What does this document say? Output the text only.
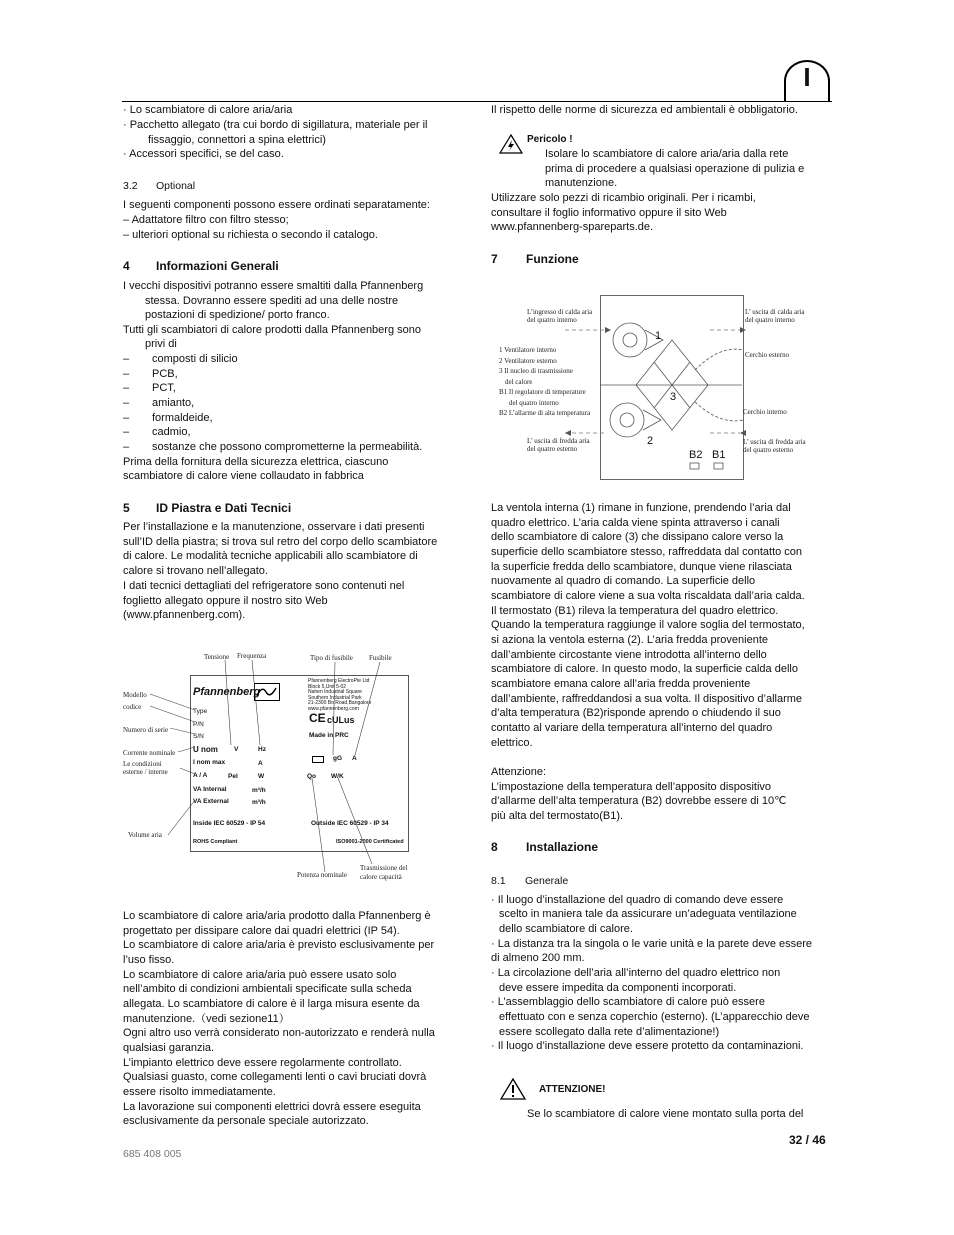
I
· Lo scambiatore di calore aria/aria
· Pacchetto allegato (tra cui bordo di sigillatura, materiale per il
fissaggio, connettori a spina elettrici)
· Accessori specifici, se del caso.
3.2 Optional
I seguenti componenti possono essere ordinati separatamente:
– Adattatore filtro con filtro stesso;
– ulteriori optional su richiesta o secondo il catalogo.
4 Informazioni Generali
I vecchi dispositivi potranno essere smaltiti dalla Pfannenberg
stessa. Dovranno essere spediti ad una delle nostre
postazioni di spedizione/ porto franco.
Tutti gli scambiatori di calore prodotti dalla Pfannenberg sono
privi di
– composti di silicio
– PCB,
– PCT,
– amianto,
– formaldeide,
– cadmio,
– sostanze che possono comprometterne la permeabilità.
Prima della fornitura della sicurezza elettrica, ciascuno
scambiatore di calore viene collaudato in fabbrica
5 ID Piastra e Dati Tecnici
Per l’installazione e la manutenzione, osservare i dati presenti
sull’ID della piastra; si trova sul retro del corpo dello scambiatore
di calore. Le modalità tecniche applicabili allo scambiatore di
calore si trovano nell’allegato.
I dati tecnici dettagliati del refrigeratore sono contenuti nel
foglietto allegato oppure il nostro sito Web
(www.pfannenberg.com).
Tensione Frequenza	Tipo di fusibile Fusibile
Modello
codice
Numero di serie
Corrente nominale
Le condizioni
esterne / interne
Volume aria
Potenza nominale
Trasmissione del
calore capacità
Pfannenberg
Pfannenberg ElectroPte Ltd
Block 5,Unit 5-02
Nahen Industrial Square
Southern Industrial Park
21-2300 Bo Road,Bangalore
www.pfannenberg.com
Type
P/N
S/N
CE cULus
Made in PRC
U nom V	Hz
gG A
I nom max	A
A / A	Pel	W	Qo W/K
VA Internal	m³/h
VA External	m³/h
Inside IEC 60529 - IP 54	Outside IEC 60529 - IP 34
ROHS Compliant	ISO9001-2000 Certificated
Lo scambiatore di calore aria/aria prodotto dalla Pfannenberg è
progettato per dissipare calore dai quadri elettrici (IP 54).
Lo scambiatore di calore aria/aria è previsto esclusivamente per
l’uso fisso.
Lo scambiatore di calore aria/aria può essere usato solo
nell’ambito di condizioni ambientali specificate sulla scheda
allegata. Lo scambiatore di calore è il larga misura esente da
manutenzione.（vedi sezione11）
Ogni altro uso verrà considerato non-autorizzato e renderà nulla
qualsiasi garanzia.
L’impianto elettrico deve essere regolarmente controllato.
Qualsiasi guasto, come collegamenti lenti o cavi bruciati dovrà
essere risolto immediatamente.
La lavorazione sui componenti elettrici dovrà essere eseguita
esclusivamente da personale speciale autorizzato.
Il rispetto delle norme di sicurezza ed ambientali è obbligatorio.
Pericolo !
Isolare lo scambiatore di calore aria/aria dalla rete
prima di procedere a qualsiasi operazione di pulizia e
manutenzione.
Utilizzare solo pezzi di ricambio originali. Per i ricambi,
consultare il foglio informativo oppure il sito Web
www.pfannenberg-spareparts.de.
7 Funzione
L’ingresso di calda aria
del quatro interno
L’ uscita di calda aria
del quatro interno
1 Ventilatore interno
2 Ventilatore esterno
3 Il nucleo di trasmissione
del calore
B1 Il regolatore di temperature
del quatro interno
B2 L’allarme di alta temperatura
Cerchio esterno
Cerchio interno
L’ uscita di fredda aria
del quatro esterno
L’ uscita di fredda aria
del quatro esterno
1
3
2
B2 B1
La ventola interna (1) rimane in funzione, prendendo l’aria dal
quadro elettrico. L’aria calda viene spinta attraverso i canali
dello scambiatore di calore (3) che dissipano calore verso la
superficie dello scambiatore stesso, raffreddata dal contatto con
la superficie fredda dello scambiatore, dunque viene rilasciata
nuovamente al quadro di comando. La superficie dello
scambiatore di calore viene a sua volta riscaldata dall’aria calda.
Il termostato (B1) rileva la temperatura del quadro elettrico.
Quando la temperatura raggiunge il valore soglia del termostato,
si aziona la ventola esterna (2). L’aria fredda proveniente
dall’ambiente circostante viene introdotta all’interno dello
scambiatore di calore. In questo modo, la superficie calda dello
scambiatore emana calore all’aria fredda proveniente
dall’ambiente, raffreddandosi a sua volta. Il dispositivo d’allarme
d’alta temperatura (B2)risponde aprendo o chiudendo il suo
contatto al variare della temperatura all’interno del quadro
elettrico.
Attenzione:
L’impostazione della temperatura dell’apposito dispositivo
d’allarme dell’alta temperatura (B2) dovrebbe essere di 10℃
più alta del termostato(B1).
8 Installazione
8.1 Generale
· Il luogo d’installazione del quadro di comando deve essere
scelto in maniera tale da assicurare un’adeguata ventilazione
dello scambiatore di calore.
· La distanza tra la singola o le varie unità e la parete deve essere
di almeno 200 mm.
· La circolazione dell’aria all’interno del quadro elettrico non
deve essere impedita da componenti incorporati.
· L’assemblaggio dello scambiatore di calore può essere
effettuato con e senza coperchio (esterno). (L’apparecchio deve
essere scollegato dalla rete d’alimentazione!)
· Il luogo d’installazione deve essere protetto da contaminazioni.
ATTENZIONE!
Se lo scambiatore di calore viene montato sulla porta del
32 / 46
685 408 005
